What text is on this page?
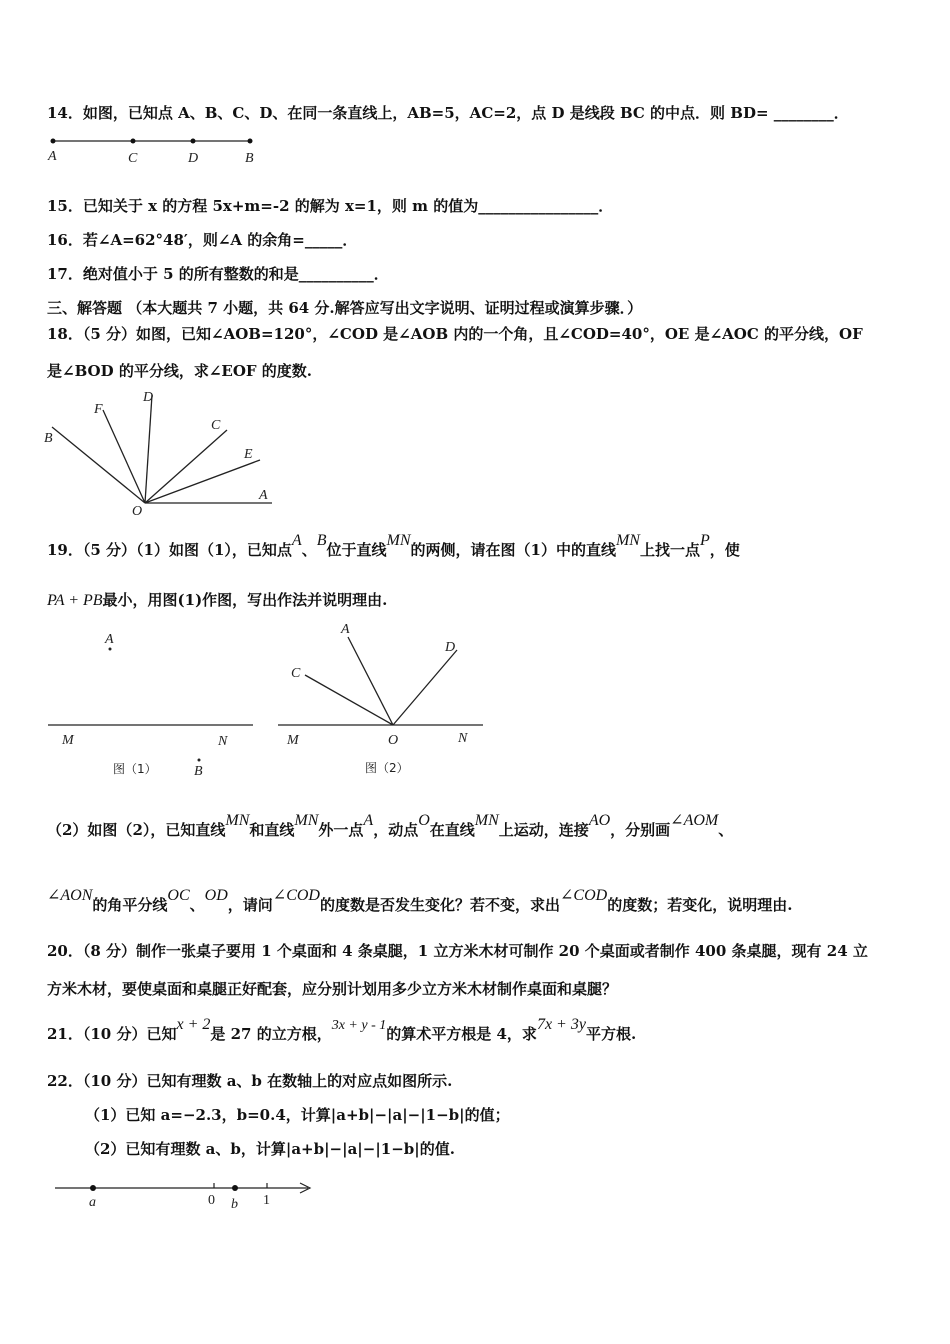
14．如图，已知点 A、B、C、D、在同一条直线上，AB=5，AC=2，点 D 是线段 BC 的中点．则 BD= ________．
A	C	D	B
15．已知关于 x 的方程 5x+m=-2 的解为 x=1，则 m 的值为________________．
16．若∠A=62°48′，则∠A 的余角=_____．
17．绝对值小于 5 的所有整数的和是__________．
三、解答题 （本大题共 7 小题，共 64 分.解答应写出文字说明、证明过程或演算步骤．）
18．（5 分）如图，已知∠AOB=120°，∠COD 是∠AOB 内的一个角，且∠COD=40°，OE 是∠AOC 的平分线，OF
是∠BOD 的平分线，求∠EOF 的度数.
D
F
C
B
E
A
O
19．（5 分）（1）如图（1），已知点A、B位于直线MN的两侧，请在图（1）中的直线MN上找一点P，使
PA + PB最小，用图(1)作图，写出作法并说明理由.
A
M	N
B
图（1）
A
D
C
M	O	N
图（2）
（2）如图（2），已知直线MN和直线MN外一点A，动点O在直线MN上运动，连接AO，分别画∠AOM、
∠AON的角平分线OC、OD，请问∠COD的度数是否发生变化？若不变，求出∠COD的度数；若变化，说明理由.
20．（8 分）制作一张桌子要用 1 个桌面和 4 条桌腿，1 立方米木材可制作 20 个桌面或者制作 400 条桌腿，现有 24 立
方米木材，要使桌面和桌腿正好配套，应分别计划用多少立方米木材制作桌面和桌腿？
21．（10 分）已知x + 2是 27 的立方根，3x + y - 1的算术平方根是 4，求7x + 3y平方根.
22．（10 分）已知有理数 a、b 在数轴上的对应点如图所示.
（1）已知 a=−2.3，b=0.4，计算|a+b|−|a|−|1−b|的值；
（2）已知有理数 a、b，计算|a+b|−|a|−|1−b|的值.
a	0 b 1
